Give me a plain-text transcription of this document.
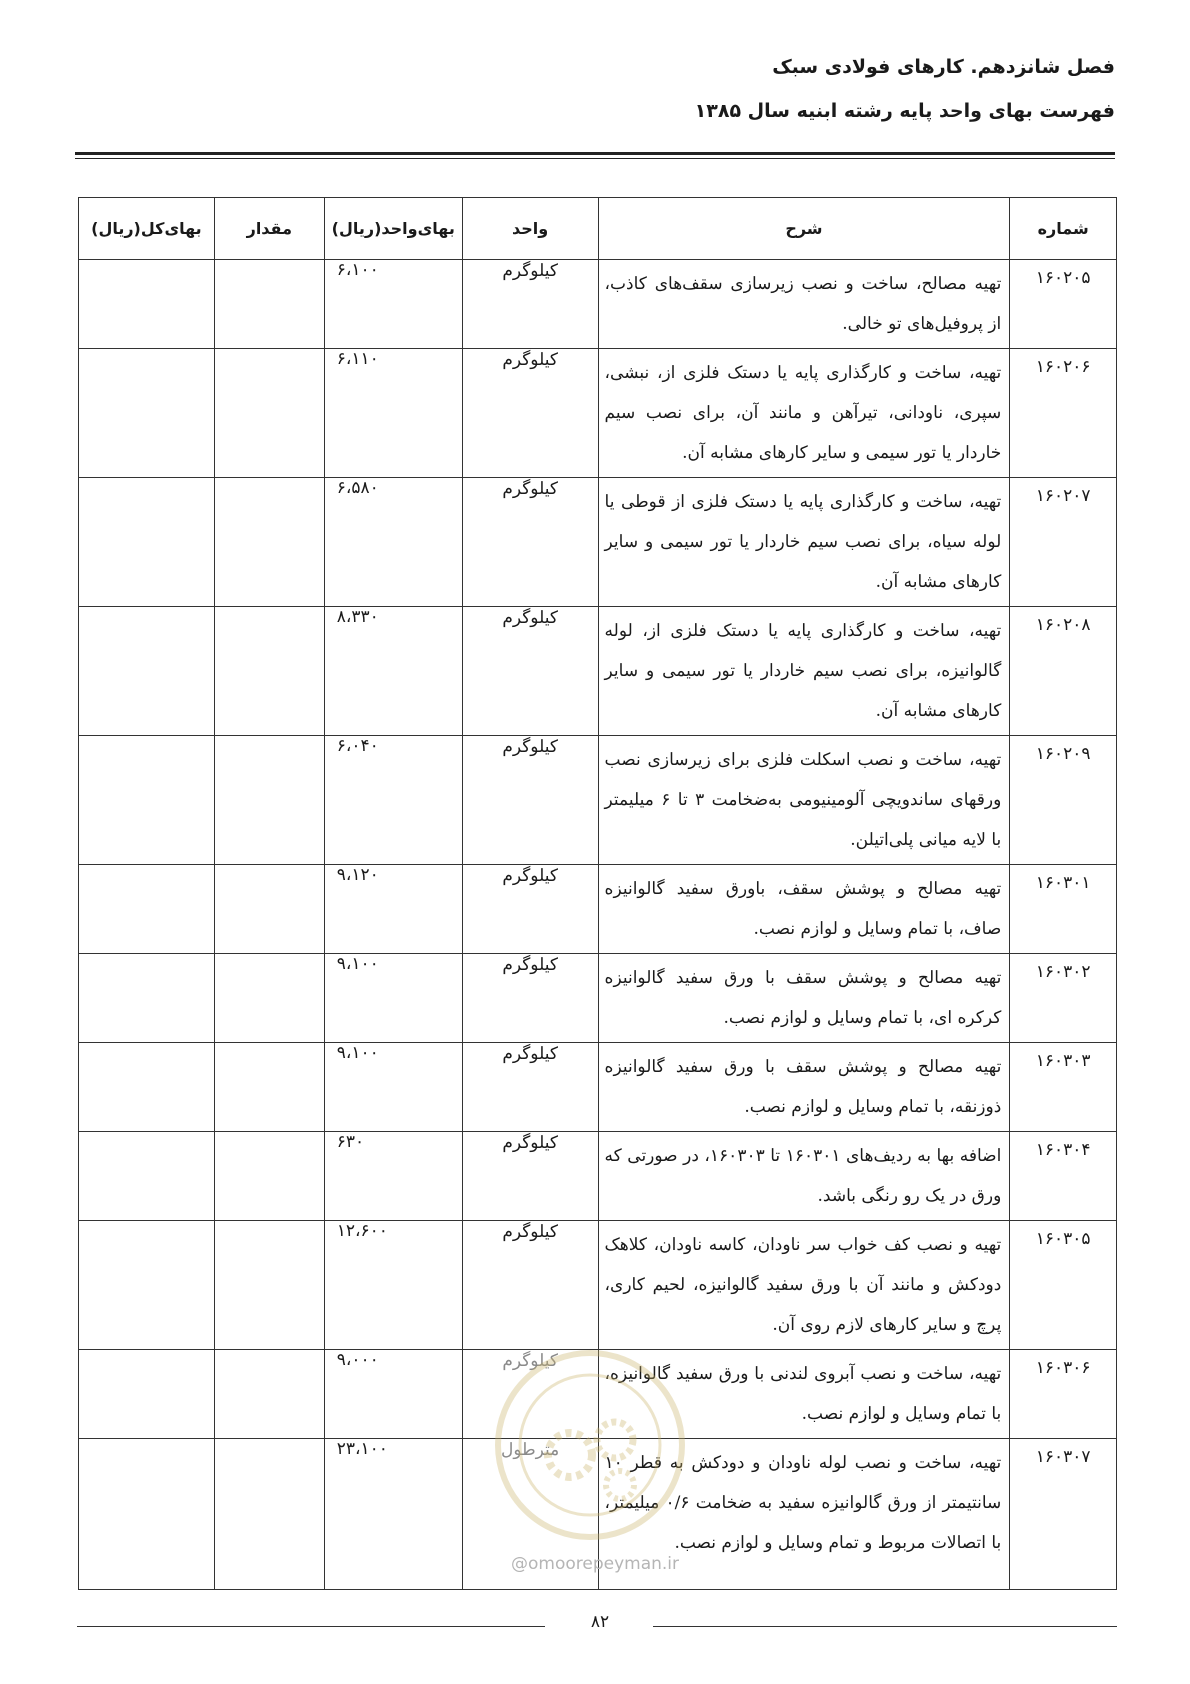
فصل شانزدهم. کارهای فولادی سبک

فهرست بهای واحد پایه رشته ابنیه سال ۱۳۸۵

شماره	شرح	واحد	بهای‌واحد(ریال)	مقدار	بهای‌کل(ریال)
۱۶۰۲۰۵	تهیه مصالح، ساخت و نصب زیرسازی سقف‌های کاذب، از پروفیل‌های تو خالی.	کیلوگرم	۶،۱۰۰		
۱۶۰۲۰۶	تهیه، ساخت و کارگذاری پایه یا دستک فلزی از، نبشی، سپری، ناودانی، تیرآهن و مانند آن، برای نصب سیم خاردار یا تور سیمی و سایر کارهای مشابه آن.	کیلوگرم	۶،۱۱۰		
۱۶۰۲۰۷	تهیه، ساخت و کارگذاری پایه یا دستک فلزی از قوطی یا لوله سیاه، برای نصب سیم خاردار یا تور سیمی و سایر کارهای مشابه آن.	کیلوگرم	۶،۵۸۰		
۱۶۰۲۰۸	تهیه، ساخت و کارگذاری پایه یا دستک فلزی از، لوله گالوانیزه، برای نصب سیم خاردار یا تور سیمی و سایر کارهای مشابه آن.	کیلوگرم	۸،۳۳۰		
۱۶۰۲۰۹	تهیه، ساخت و نصب اسکلت فلزی برای زیرسازی نصب ورقهای ساندویچی آلومینیومی به‌ضخامت ۳ تا ۶ میلیمتر با لایه میانی پلی‌اتیلن.	کیلوگرم	۶،۰۴۰		
۱۶۰۳۰۱	تهیه مصالح و پوشش سقف، باورق سفید گالوانیزه صاف، با تمام وسایل و لوازم نصب.	کیلوگرم	۹،۱۲۰		
۱۶۰۳۰۲	تهیه مصالح و پوشش سقف با ورق سفید گالوانیزه کرکره ای، با تمام وسایل و لوازم نصب.	کیلوگرم	۹،۱۰۰		
۱۶۰۳۰۳	تهیه مصالح و پوشش سقف با ورق سفید گالوانیزه ذوزنقه، با تمام وسایل و لوازم نصب.	کیلوگرم	۹،۱۰۰		
۱۶۰۳۰۴	اضافه بها به ردیف‌های ۱۶۰۳۰۱ تا ۱۶۰۳۰۳، در صورتی که ورق در یک رو رنگی باشد.	کیلوگرم	۶۳۰		
۱۶۰۳۰۵	تهیه و نصب کف خواب سر ناودان، کاسه ناودان، کلاهک دودکش و مانند آن با ورق سفید گالوانیزه، لحیم کاری، پرچ و سایر کارهای لازم روی آن.	کیلوگرم	۱۲،۶۰۰		
۱۶۰۳۰۶	تهیه، ساخت و نصب آبروی لندنی با ورق سفید گالوانیزه، با تمام وسایل و لوازم نصب.	کیلوگرم	۹،۰۰۰		
۱۶۰۳۰۷	تهیه، ساخت و نصب لوله ناودان و دودکش به قطر ۱۰ سانتیمتر از ورق گالوانیزه سفید به ضخامت ۰/۶ میلیمتر، با اتصالات مربوط و تمام وسایل و لوازم نصب.	مترطول	۲۳،۱۰۰		
@omoorepeyman.ir
۸۲
